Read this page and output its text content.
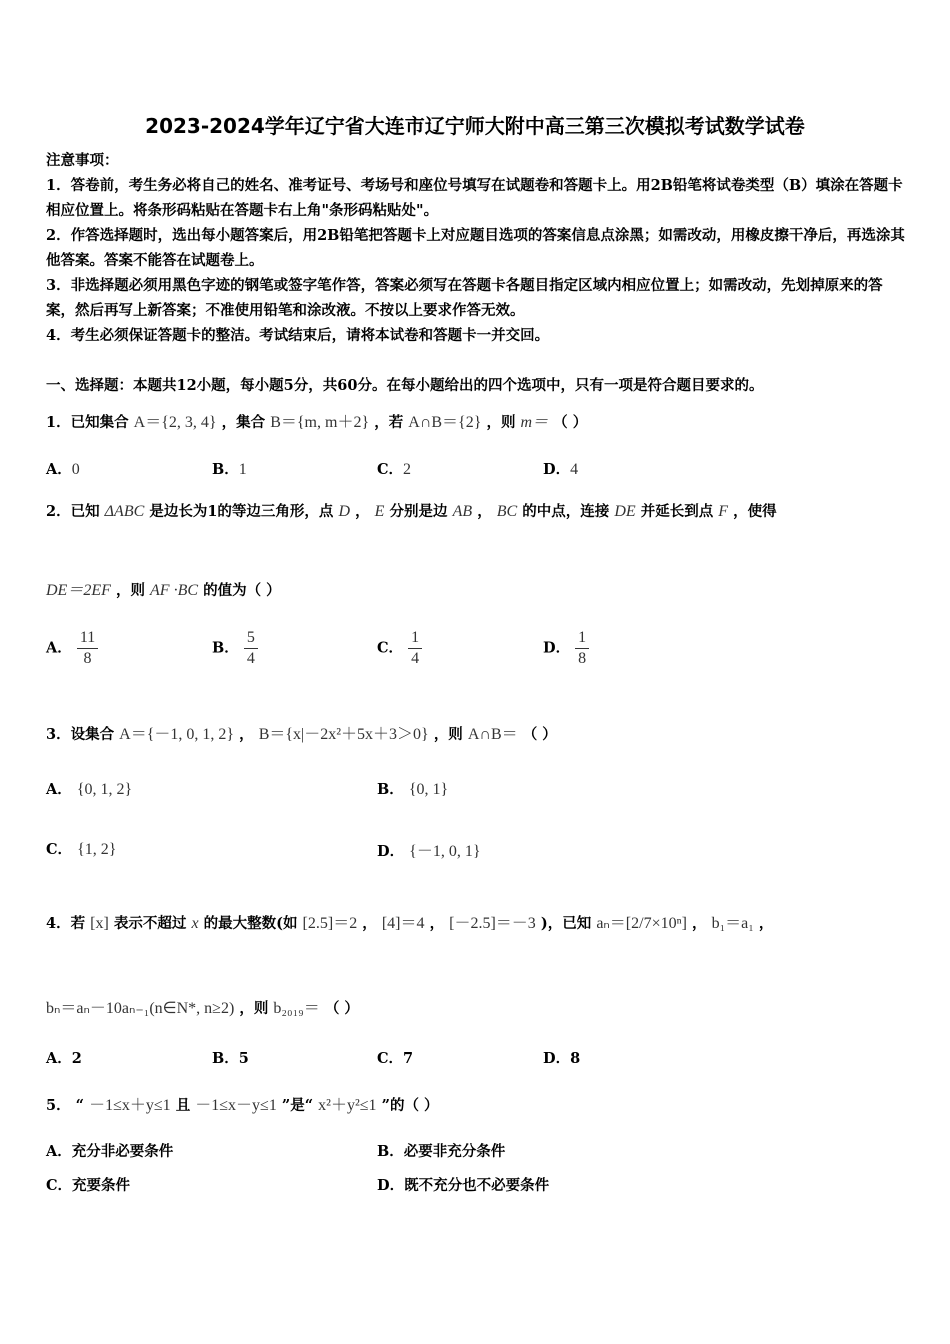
2023-2024学年辽宁省大连市辽宁师大附中高三第三次模拟考试数学试卷
注意事项：
1．答卷前，考生务必将自己的姓名、准考证号、考场号和座位号填写在试题卷和答题卡上。用2B铅笔将试卷类型（B）填涂在答题卡相应位置上。将条形码粘贴在答题卡右上角"条形码粘贴处"。
2．作答选择题时，选出每小题答案后，用2B铅笔把答题卡上对应题目选项的答案信息点涂黑；如需改动，用橡皮擦干净后，再选涂其他答案。答案不能答在试题卷上。
3．非选择题必须用黑色字迹的钢笔或签字笔作答，答案必须写在答题卡各题目指定区域内相应位置上；如需改动，先划掉原来的答案，然后再写上新答案；不准使用铅笔和涂改液。不按以上要求作答无效。
4．考生必须保证答题卡的整洁。考试结束后，请将本试卷和答题卡一并交回。
一、选择题：本题共12小题，每小题5分，共60分。在每小题给出的四个选项中，只有一项是符合题目要求的。
1．已知集合 A＝{2, 3, 4} ，集合 B＝{m, m＋2} ，若 A∩B＝{2} ，则 m＝ （ ）
A．0	B．1	C．2	D．4
2．已知 ΔABC 是边长为1的等边三角形，点 D ， E 分别是边 AB ， BC 的中点，连接 DE 并延长到点 F ，使得
DE＝2EF ，则 AF ·BC 的值为（ ）
A． $\frac{11}{8}$	B． $\frac{5}{4}$	C． $\frac{1}{4}$	D． $\frac{1}{8}$
3．设集合 A＝{－1, 0, 1, 2} ， B＝{x|－2x²＋5x＋3＞0} ，则 A∩B＝ （ ）
A． {0, 1, 2}	B． {0, 1}
C． {1, 2}	D． {－1, 0, 1}
4．若 [x] 表示不超过 x 的最大整数(如 [2.5]＝2 ， [4]＝4 ， [－2.5]＝－3 )，已知 aₙ＝[2/7×10ⁿ] ， b₁＝a₁ ，
bₙ＝aₙ－10aₙ₋₁(n∈N*, n≥2) ，则 b₂₀₁₉＝ （ ）
A．2	B．5	C．7	D．8
5． “ －1≤x＋y≤1 且 －1≤x－y≤1 ”是“ x²＋y²≤1 ”的（ ）
A．充分非必要条件	B．必要非充分条件
C．充要条件	D．既不充分也不必要条件
